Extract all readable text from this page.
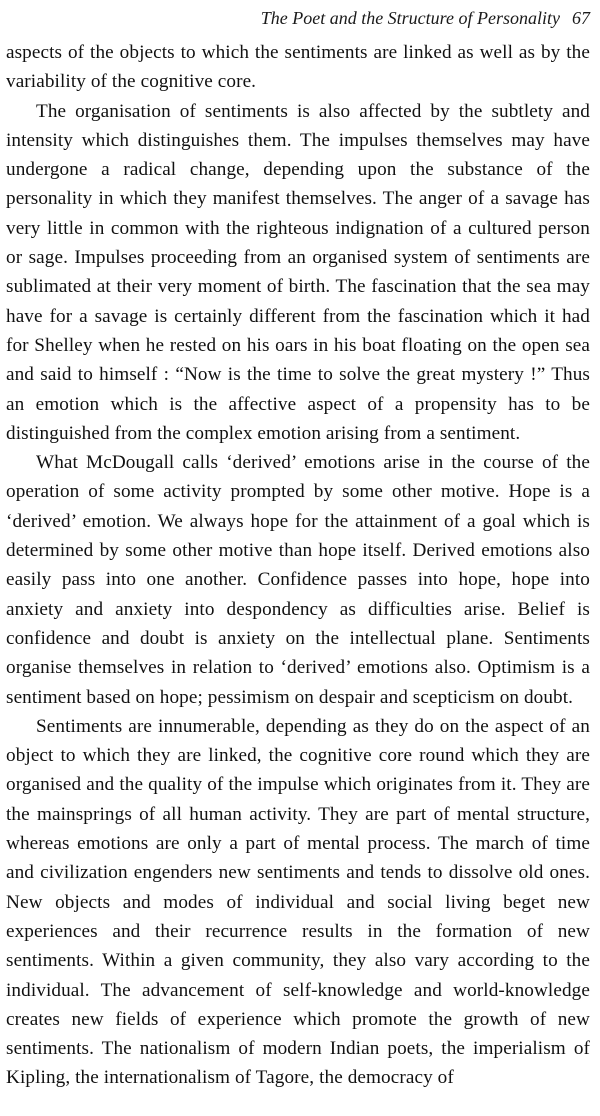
The Poet and the Structure of Personality 67

aspects of the objects to which the sentiments are linked as well as by the variability of the cognitive core.

The organisation of sentiments is also affected by the subtlety and intensity which distinguishes them. The impulses themselves may have undergone a radical change, depending upon the substance of the personality in which they manifest themselves. The anger of a savage has very little in common with the righteous indignation of a cultured person or sage. Impulses proceeding from an organised system of sentiments are sublimated at their very moment of birth. The fascination that the sea may have for a savage is certainly different from the fascination which it had for Shelley when he rested on his oars in his boat floating on the open sea and said to himself : “Now is the time to solve the great mystery !” Thus an emotion which is the affective aspect of a propensity has to be distinguished from the complex emotion arising from a sentiment.

What McDougall calls ‘derived’ emotions arise in the course of the operation of some activity prompted by some other motive. Hope is a ‘derived’ emotion. We always hope for the attainment of a goal which is determined by some other motive than hope itself. Derived emotions also easily pass into one another. Confidence passes into hope, hope into anxiety and anxiety into despondency as difficulties arise. Belief is confidence and doubt is anxiety on the intellectual plane. Sentiments organise themselves in relation to ‘derived’ emotions also. Optimism is a sentiment based on hope; pessimism on despair and scepticism on doubt.

Sentiments are innumerable, depending as they do on the aspect of an object to which they are linked, the cognitive core round which they are organised and the quality of the impulse which originates from it. They are the mainsprings of all human activity. They are part of mental structure, whereas emotions are only a part of mental process. The march of time and civilization engenders new sentiments and tends to dissolve old ones. New objects and modes of individual and social living beget new experiences and their recurrence results in the formation of new sentiments. Within a given community, they also vary according to the individual. The advancement of self-knowledge and world-knowledge creates new fields of experience which promote the growth of new sentiments. The nationalism of modern Indian poets, the imperialism of Kipling, the internationalism of Tagore, the democracy of
